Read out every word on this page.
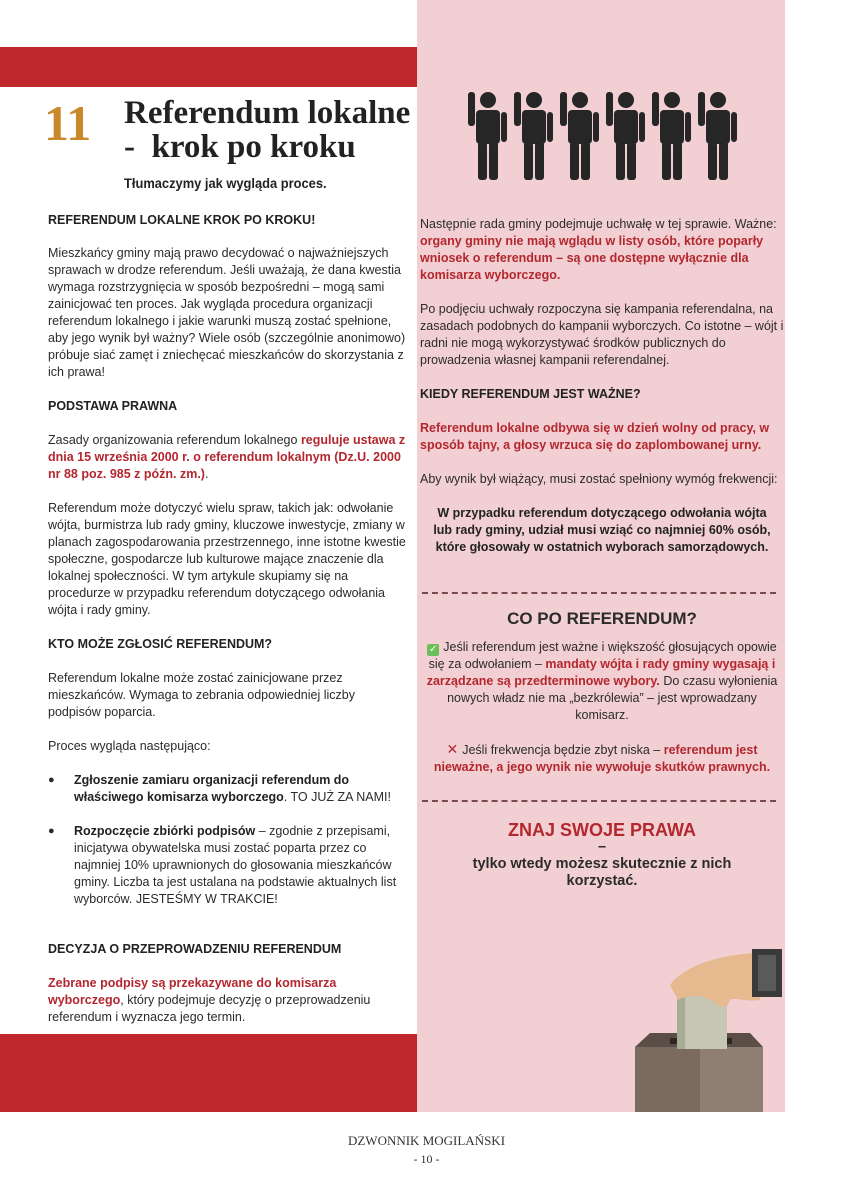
11 Referendum lokalne
-  krok po kroku
Tłumaczymy jak wygląda proces.

REFERENDUM LOKALNE KROK PO KROKU!

Mieszkańcy gminy mają prawo decydować o najważniejszych sprawach w drodze referendum. Jeśli uważają, że dana kwestia wymaga rozstrzygnięcia w sposób bezpośredni – mogą sami zainicjować ten proces. Jak wygląda procedura organizacji referendum lokalnego i jakie warunki muszą zostać spełnione, aby jego wynik był ważny? Wiele osób (szczególnie anonimowo) próbuje siać zamęt i zniechęcać mieszkańców do skorzystania z ich prawa!

PODSTAWA PRAWNA

Zasady organizowania referendum lokalnego reguluje ustawa z dnia 15 września 2000 r. o referendum lokalnym (Dz.U. 2000 nr 88 poz. 985 z późn. zm.).

Referendum może dotyczyć wielu spraw, takich jak: odwołanie wójta, burmistrza lub rady gminy, kluczowe inwestycje, zmiany w planach zagospodarowania przestrzennego, inne istotne kwestie społeczne, gospodarcze lub kulturowe mające znaczenie dla lokalnej społeczności. W tym artykule skupiamy się na procedurze w przypadku referendum dotyczącego odwołania wójta i rady gminy.

KTO MOŻE ZGŁOSIĆ REFERENDUM?

Referendum lokalne może zostać zainicjowane przez mieszkańców. Wymaga to zebrania odpowiedniej liczby podpisów poparcia.

Proces wygląda następująco:

● Zgłoszenie zamiaru organizacji referendum do właściwego komisarza wyborczego. TO JUŻ ZA NAMI!
● Rozpoczęcie zbiórki podpisów – zgodnie z przepisami, inicjatywa obywatelska musi zostać poparta przez co najmniej 10% uprawnionych do głosowania mieszkańców gminy. Liczba ta jest ustalana na podstawie aktualnych list wyborców. JESTEŚMY W TRAKCIE!

DECYZJA O PRZEPROWADZENIU REFERENDUM

Zebrane podpisy są przekazywane do komisarza wyborczego, który podejmuje decyzję o przeprowadzeniu referendum i wyznacza jego termin.

Następnie rada gminy podejmuje uchwałę w tej sprawie. Ważne: organy gminy nie mają wglądu w listy osób, które poparły wniosek o referendum – są one dostępne wyłącznie dla komisarza wyborczego.

Po podjęciu uchwały rozpoczyna się kampania referendalna, na zasadach podobnych do kampanii wyborczych. Co istotne – wójt i radni nie mogą wykorzystywać środków publicznych do prowadzenia własnej kampanii referendalnej.

KIEDY REFERENDUM JEST WAŻNE?

Referendum lokalne odbywa się w dzień wolny od pracy, w sposób tajny, a głosy wrzuca się do zaplombowanej urny.

Aby wynik był wiążący, musi zostać spełniony wymóg frekwencji:

W przypadku referendum dotyczącego odwołania wójta lub rady gminy, udział musi wziąć co najmniej 60% osób, które głosowały w ostatnich wyborach samorządowych.

CO PO REFERENDUM?

✓ Jeśli referendum jest ważne i większość głosujących opowie się za odwołaniem – mandaty wójta i rady gminy wygasają i zarządzane są przedterminowe wybory. Do czasu wyłonienia nowych władz nie ma „bezkrólewia” – jest wprowadzany komisarz.

✕ Jeśli frekwencja będzie zbyt niska – referendum jest nieważne, a jego wynik nie wywołuje skutków prawnych.

ZNAJ SWOJE PRAWA

–

tylko wtedy możesz skutecznie z nich korzystać.

DZWONNIK MOGILAŃSKI
- 10 -
